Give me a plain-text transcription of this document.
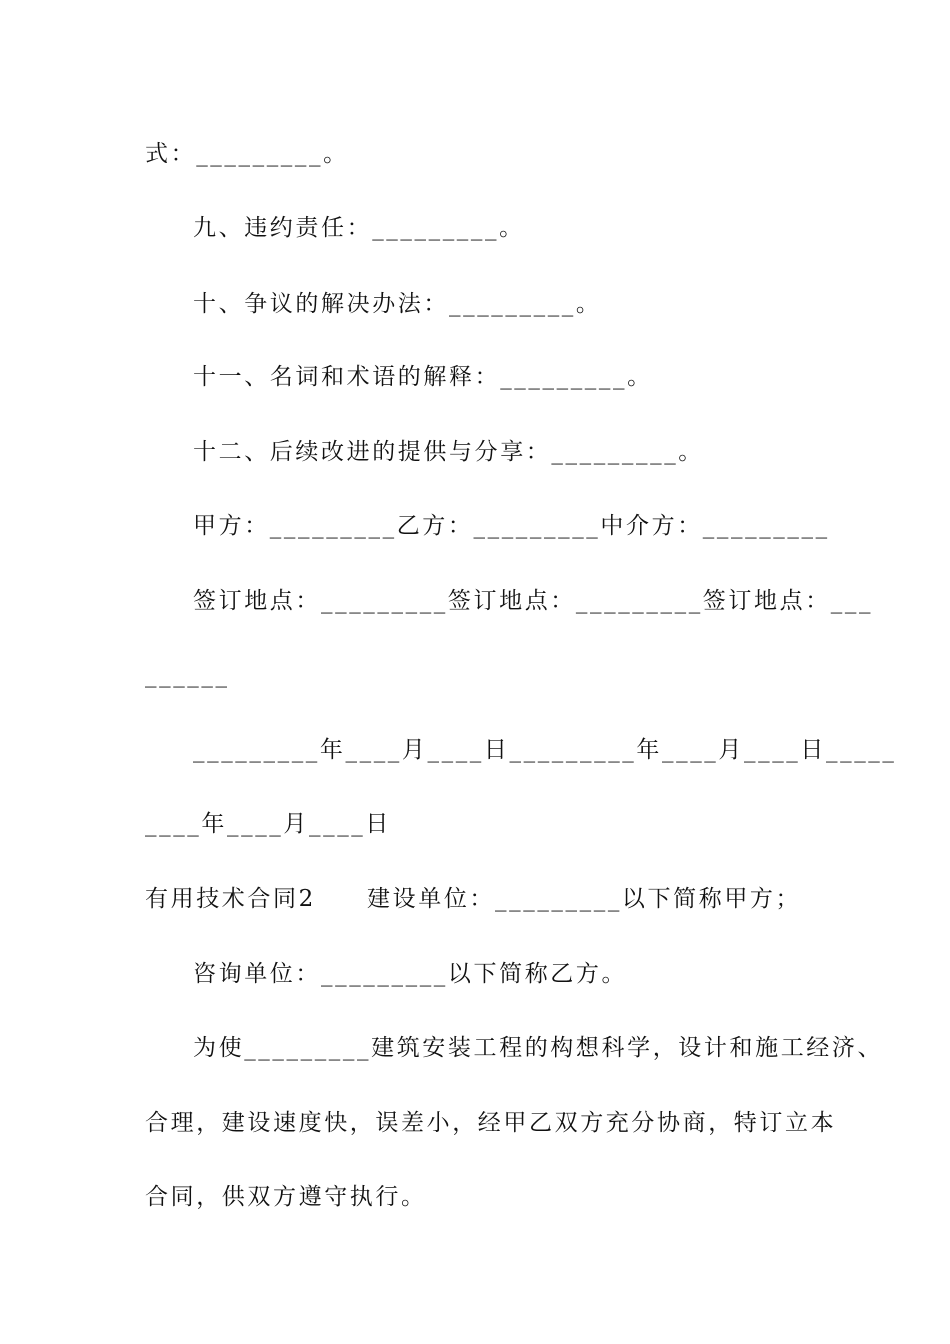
式：_________。
九、违约责任：_________。
十、争议的解决办法：_________。
十一、名词和术语的解释：_________。
十二、后续改进的提供与分享：_________。
甲方：_________乙方：_________中介方：_________
签订地点：_________签订地点：_________签订地点：___
______
_________年____月____日_________年____月____日_____
____年____月____日
有用技术合同2　　建设单位：_________以下简称甲方；
咨询单位：_________以下简称乙方。
为使_________建筑安装工程的构想科学，设计和施工经济、
合理，建设速度快，误差小，经甲乙双方充分协商，特订立本
合同，供双方遵守执行。
